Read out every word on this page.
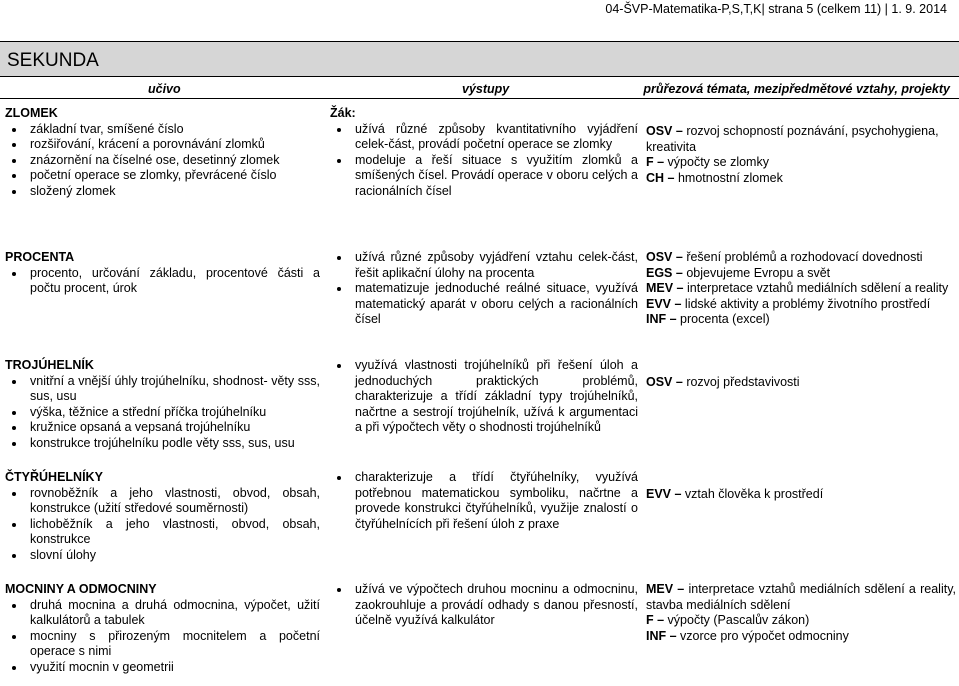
04-ŠVP-Matematika-P,S,T,K| strana 5 (celkem 11) | 1. 9. 2014
SEKUNDA
učivo	výstupy	průřezová témata, mezipředmětové vztahy, projekty
ZLOMEK
základní tvar, smíšené číslo
rozšiřování, krácení a porovnávání zlomků
znázornění na číselné ose, desetinný zlomek
početní operace se zlomky, převrácené číslo
složený zlomek
Žák:
užívá různé způsoby kvantitativního vyjádření celek-část, provádí početní operace se zlomky
modeluje a řeší situace s využitím zlomků a smíšených čísel. Provádí operace v oboru celých a racionálních čísel
OSV – rozvoj schopností poznávání, psychohygiena, kreativita
F – výpočty se zlomky
CH – hmotnostní zlomek
PROCENTA
procento, určování základu, procentové části a počtu procent, úrok
užívá různé způsoby vyjádření vztahu celek-část, řešit aplikační úlohy na procenta
matematizuje jednoduché reálné situace, využívá matematický aparát v oboru celých a racionálních čísel
OSV – řešení problémů a rozhodovací dovednosti
EGS – objevujeme Evropu a svět
MEV – interpretace vztahů mediálních sdělení a reality
EVV – lidské aktivity a problémy životního prostředí
INF – procenta (excel)
TROJÚHELNÍK
vnitřní a vnější úhly trojúhelníku, shodnost- věty sss, sus, usu
výška, těžnice a střední příčka trojúhelníku
kružnice opsaná a vepsaná trojúhelníku
konstrukce trojúhelníku podle věty sss, sus, usu
využívá vlastnosti trojúhelníků při řešení úloh a jednoduchých praktických problémů, charakterizuje a třídí základní typy trojúhelníků, načrtne a sestrojí trojúhelník, užívá k argumentaci a při výpočtech věty o shodnosti trojúhelníků
OSV – rozvoj představivosti
ČTYŘÚHELNÍKY
rovnoběžník a jeho vlastnosti, obvod, obsah, konstrukce (užití středové souměrnosti)
lichoběžník a jeho vlastnosti, obvod, obsah, konstrukce
slovní úlohy
charakterizuje a třídí čtyřúhelníky, využívá potřebnou matematickou symboliku, načrtne a provede konstrukci čtyřúhelníků, využije znalostí o čtyřúhelnících při řešení úloh z praxe
EVV – vztah člověka k prostředí
MOCNINY A ODMOCNINY
druhá mocnina a druhá odmocnina, výpočet, užití kalkulátorů a tabulek
mocniny s přirozeným mocnitelem a početní operace s nimi
využití mocnin v geometrii
užívá ve výpočtech druhou mocninu a odmocninu, zaokrouhluje a provádí odhady s danou přesností, účelně využívá kalkulátor
MEV – interpretace vztahů mediálních sdělení a reality, stavba mediálních sdělení
F – výpočty (Pascalův zákon)
INF – vzorce pro výpočet odmocniny
